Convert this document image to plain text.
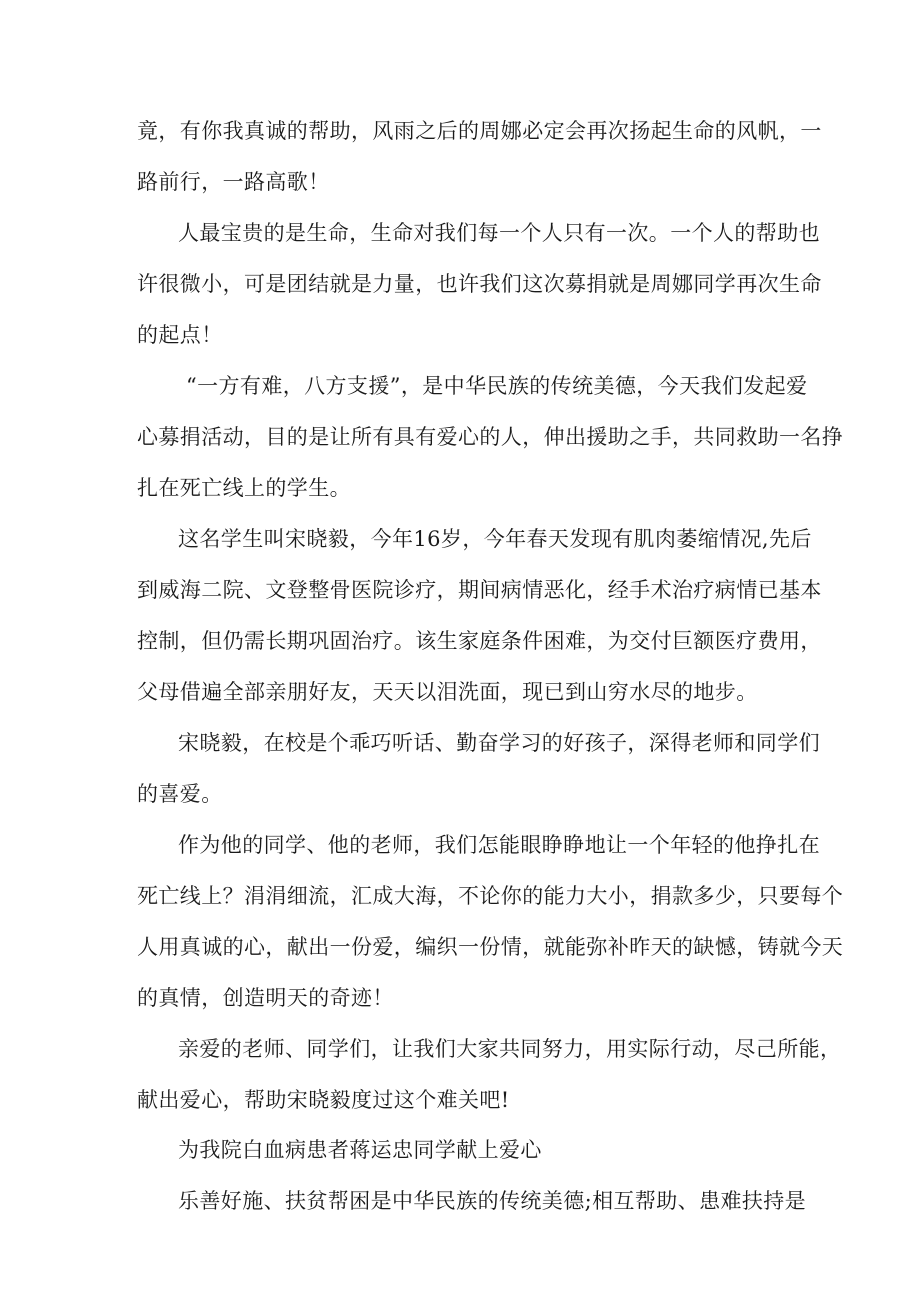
竟，有你我真诚的帮助，风雨之后的周娜必定会再次扬起生命的风帆，一
路前行，一路高歌！
人最宝贵的是生命，生命对我们每一个人只有一次。一个人的帮助也
许很微小，可是团结就是力量，也许我们这次募捐就是周娜同学再次生命
的起点！
“一方有难，八方支援”，是中华民族的传统美德，今天我们发起爱
心募捐活动，目的是让所有具有爱心的人，伸出援助之手，共同救助一名挣
扎在死亡线上的学生。
这名学生叫宋晓毅，今年16岁，今年春天发现有肌肉萎缩情况,先后
到威海二院、文登整骨医院诊疗，期间病情恶化，经手术治疗病情已基本
控制，但仍需长期巩固治疗。该生家庭条件困难，为交付巨额医疗费用，
父母借遍全部亲朋好友，天天以泪洗面，现已到山穷水尽的地步。
宋晓毅，在校是个乖巧听话、勤奋学习的好孩子，深得老师和同学们
的喜爱。
作为他的同学、他的老师，我们怎能眼睁睁地让一个年轻的他挣扎在
死亡线上？涓涓细流，汇成大海，不论你的能力大小，捐款多少，只要每个
人用真诚的心，献出一份爱，编织一份情，就能弥补昨天的缺憾，铸就今天
的真情，创造明天的奇迹！
亲爱的老师、同学们，让我们大家共同努力，用实际行动，尽己所能，
献出爱心，帮助宋晓毅度过这个难关吧!
为我院白血病患者蒋运忠同学献上爱心
乐善好施、扶贫帮困是中华民族的传统美德;相互帮助、患难扶持是
